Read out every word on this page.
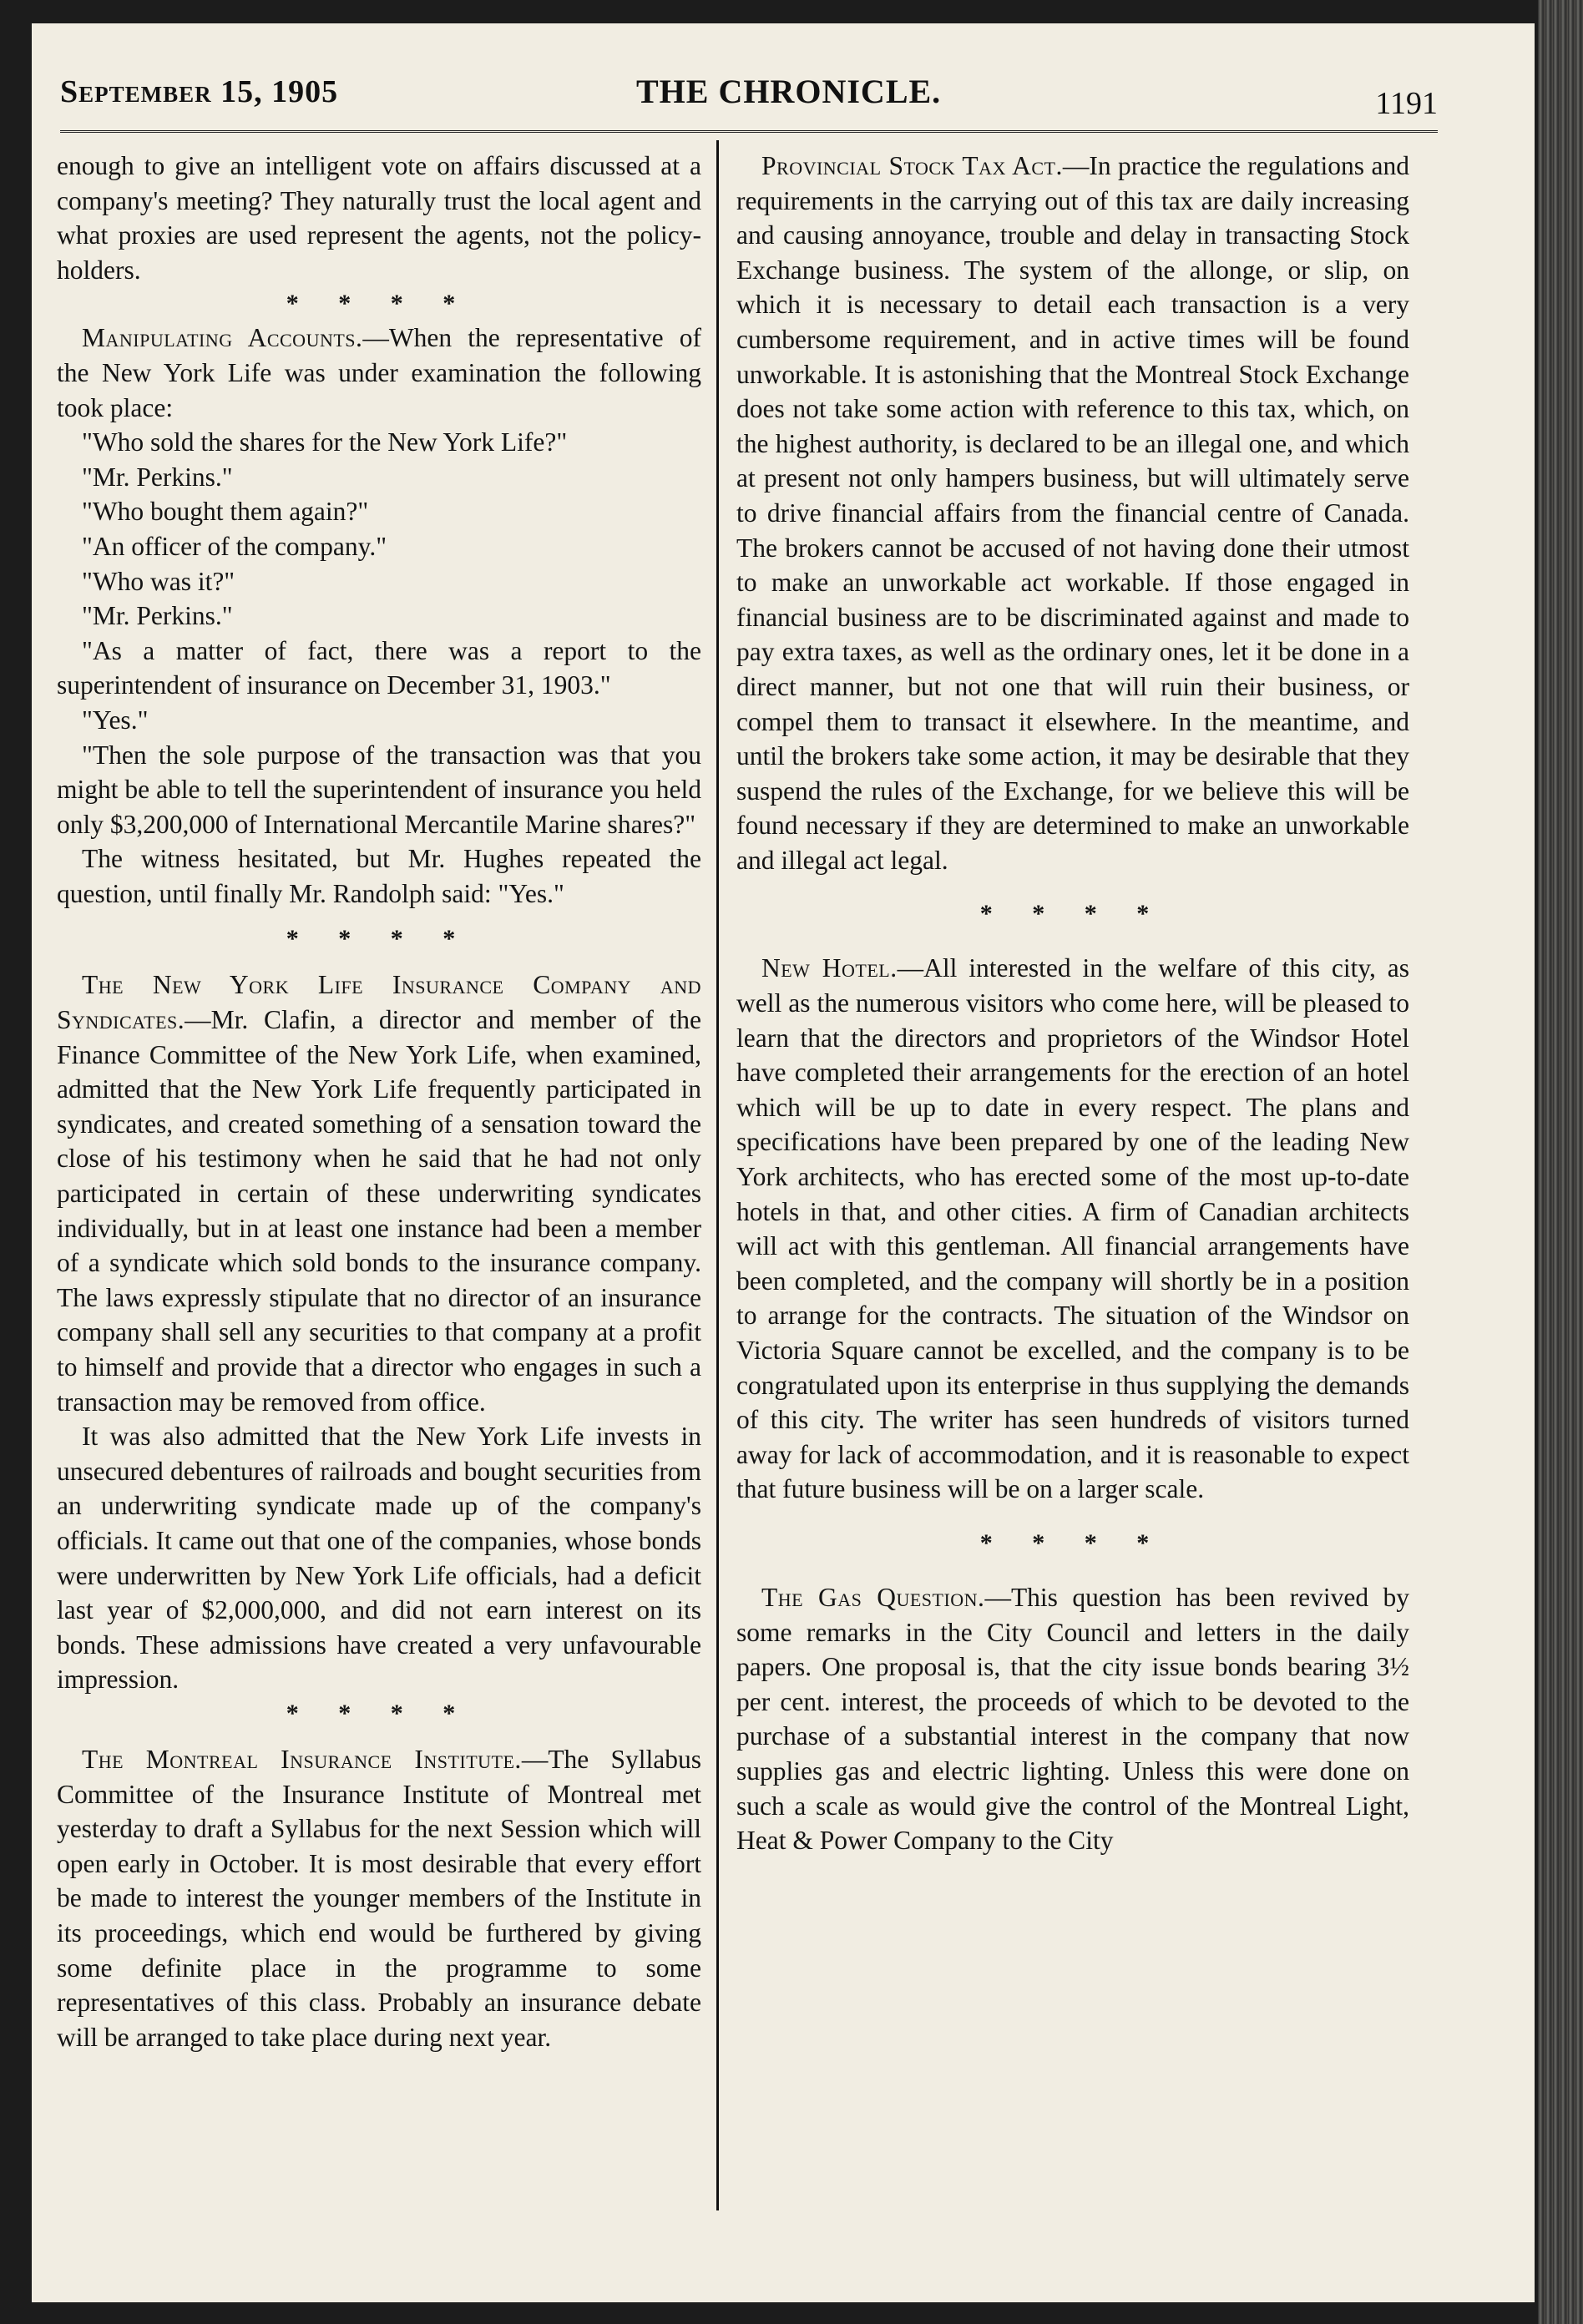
September 15, 1905	THE CHRONICLE.	1191

enough to give an intelligent vote on affairs discussed at a company's meeting? They naturally trust the local agent and what proxies are used represent the agents, not the policy-holders.

* * * *

Manipulating Accounts.—When the representative of the New York Life was under examination the following took place:

"Who sold the shares for the New York Life?"

"Mr. Perkins."

"Who bought them again?"

"An officer of the company."

"Who was it?"

"Mr. Perkins."

"As a matter of fact, there was a report to the superintendent of insurance on December 31, 1903."

"Yes."

"Then the sole purpose of the transaction was that you might be able to tell the superintendent of insurance you held only $3,200,000 of International Mercantile Marine shares?"

The witness hesitated, but Mr. Hughes repeated the question, until finally Mr. Randolph said: "Yes."

* * * *

The New York Life Insurance Company and Syndicates.—Mr. Clafin, a director and member of the Finance Committee of the New York Life, when examined, admitted that the New York Life frequently participated in syndicates, and created something of a sensation toward the close of his testimony when he said that he had not only participated in certain of these underwriting syndicates individually, but in at least one instance had been a member of a syndicate which sold bonds to the insurance company. The laws expressly stipulate that no director of an insurance company shall sell any securities to that company at a profit to himself and provide that a director who engages in such a transaction may be removed from office.

It was also admitted that the New York Life invests in unsecured debentures of railroads and bought securities from an underwriting syndicate made up of the company's officials. It came out that one of the companies, whose bonds were underwritten by New York Life officials, had a deficit last year of $2,000,000, and did not earn interest on its bonds. These admissions have created a very unfavourable impression.

* * * *

The Montreal Insurance Institute.—The Syllabus Committee of the Insurance Institute of Montreal met yesterday to draft a Syllabus for the next Session which will open early in October. It is most desirable that every effort be made to interest the younger members of the Institute in its proceedings, which end would be furthered by giving some definite place in the programme to some representatives of this class. Probably an insurance debate will be arranged to take place during next year.

Provincial Stock Tax Act.—In practice the regulations and requirements in the carrying out of this tax are daily increasing and causing annoyance, trouble and delay in transacting Stock Exchange business. The system of the allonge, or slip, on which it is necessary to detail each transaction is a very cumbersome requirement, and in active times will be found unworkable. It is astonishing that the Montreal Stock Exchange does not take some action with reference to this tax, which, on the highest authority, is declared to be an illegal one, and which at present not only hampers business, but will ultimately serve to drive financial affairs from the financial centre of Canada. The brokers cannot be accused of not having done their utmost to make an unworkable act workable. If those engaged in financial business are to be discriminated against and made to pay extra taxes, as well as the ordinary ones, let it be done in a direct manner, but not one that will ruin their business, or compel them to transact it elsewhere. In the meantime, and until the brokers take some action, it may be desirable that they suspend the rules of the Exchange, for we believe this will be found necessary if they are determined to make an unworkable and illegal act legal.

* * * *

New Hotel.—All interested in the welfare of this city, as well as the numerous visitors who come here, will be pleased to learn that the directors and proprietors of the Windsor Hotel have completed their arrangements for the erection of an hotel which will be up to date in every respect. The plans and specifications have been prepared by one of the leading New York architects, who has erected some of the most up-to-date hotels in that, and other cities. A firm of Canadian architects will act with this gentleman. All financial arrangements have been completed, and the company will shortly be in a position to arrange for the contracts. The situation of the Windsor on Victoria Square cannot be excelled, and the company is to be congratulated upon its enterprise in thus supplying the demands of this city. The writer has seen hundreds of visitors turned away for lack of accommodation, and it is reasonable to expect that future business will be on a larger scale.

* * * *

The Gas Question.—This question has been revived by some remarks in the City Council and letters in the daily papers. One proposal is, that the city issue bonds bearing 3½ per cent. interest, the proceeds of which to be devoted to the purchase of a substantial interest in the company that now supplies gas and electric lighting. Unless this were done on such a scale as would give the control of the Montreal Light, Heat & Power Company to the City
